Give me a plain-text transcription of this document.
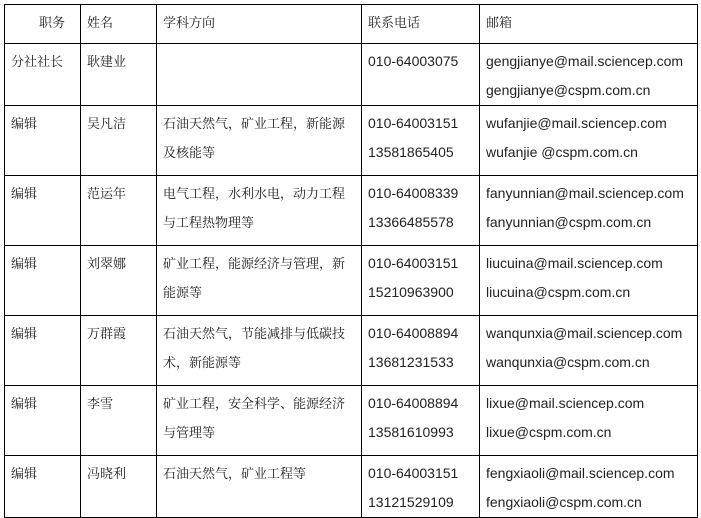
职务	姓名	学科方向	联系电话	邮箱

分社社长	耿建业		010-64003075	gengjianye@mail.sciencep.com
gengjianye@cspm.com.cn

编辑	吴凡洁	石油天然气，矿业工程，新能源及核能等	010-64003151
13581865405	wufanjie@mail.sciencep.com
wufanjie @cspm.com.cn

编辑	范运年	电气工程，水利水电，动力工程与工程热物理等	010-64008339
13366485578	fanyunnian@mail.sciencep.com
fanyunnian@cspm.com.cn

编辑	刘翠娜	矿业工程，能源经济与管理，新能源等	010-64003151
15210963900	liucuina@mail.sciencep.com
liucuina@cspm.com.cn

编辑	万群霞	石油天然气，节能减排与低碳技术，新能源等	010-64008894
13681231533	wanqunxia@mail.sciencep.com
wanqunxia@cspm.com.cn

编辑	李雪	矿业工程，安全科学、能源经济与管理等	010-64008894
13581610993	lixue@mail.sciencep.com
lixue@cspm.com.cn

编辑	冯晓利	石油天然气，矿业工程等	010-64003151
13121529109	fengxiaoli@mail.sciencep.com
fengxiaoli@cspm.com.cn
